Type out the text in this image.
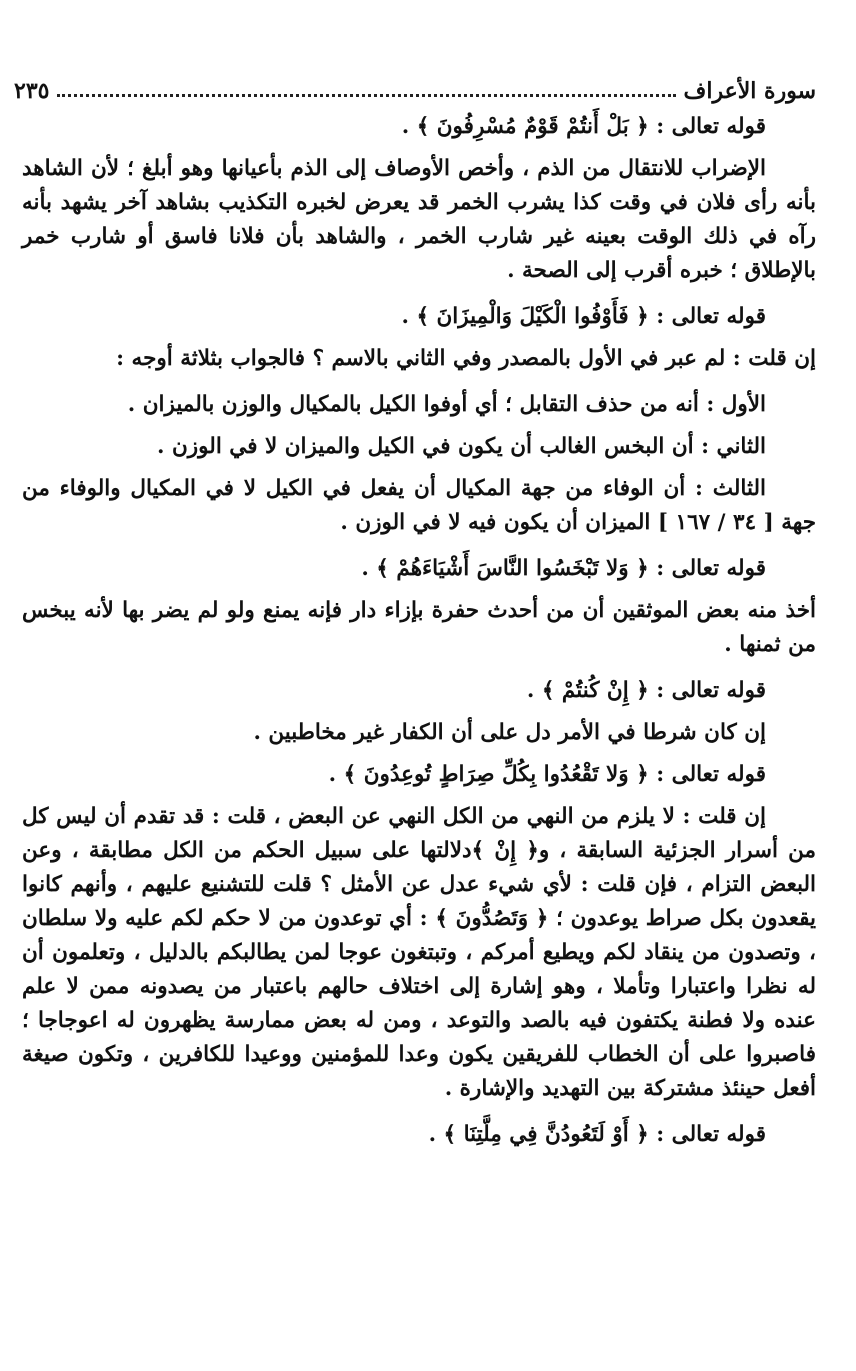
سورة الأعراف
٢٣٥

قوله تعالى : ﴿ بَلْ أَنتُمْ قَوْمٌ مُسْرِفُونَ ﴾ .

الإضراب للانتقال من الذم ، وأخص الأوصاف إلى الذم بأعيانها وهو أبلغ ؛ لأن الشاهد بأنه رأى فلان في وقت كذا يشرب الخمر قد يعرض لخبره التكذيب بشاهد آخر يشهد بأنه رآه في ذلك الوقت بعينه غير شارب الخمر ، والشاهد بأن فلانا فاسق أو شارب خمر بالإطلاق ؛ خبره أقرب إلى الصحة .

قوله تعالى : ﴿ فَأَوْفُوا الْكَيْلَ وَالْمِيزَانَ ﴾ .

إن قلت : لم عبر في الأول بالمصدر وفي الثاني بالاسم ؟ فالجواب بثلاثة أوجه :

الأول : أنه من حذف التقابل ؛ أي أوفوا الكيل بالمكيال والوزن بالميزان .

الثاني : أن البخس الغالب أن يكون في الكيل والميزان لا في الوزن .

الثالث : أن الوفاء من جهة المكيال أن يفعل في الكيل لا في المكيال والوفاء من جهة [ ٣٤ / ١٦٧ ] الميزان أن يكون فيه لا في الوزن .

قوله تعالى : ﴿ وَلا تَبْخَسُوا النَّاسَ أَشْيَاءَهُمْ ﴾ .

أخذ منه بعض الموثقين أن من أحدث حفرة بإزاء دار فإنه يمنع ولو لم يضر بها لأنه يبخس من ثمنها .

قوله تعالى : ﴿ إِنْ كُنتُمْ ﴾ .

إن كان شرطا في الأمر دل على أن الكفار غير مخاطبين .

قوله تعالى : ﴿ وَلا تَقْعُدُوا بِكُلِّ صِرَاطٍ تُوعِدُونَ ﴾ .

إن قلت : لا يلزم من النهي من الكل النهي عن البعض ، قلت : قد تقدم أن ليس كل من أسرار الجزئية السابقة ، و﴿ إِنْ ﴾دلالتها على سبيل الحكم من الكل مطابقة ، وعن البعض التزام ، فإن قلت : لأي شيء عدل عن الأمثل ؟ قلت للتشنيع عليهم ، وأنهم كانوا يقعدون بكل صراط يوعدون ؛ ﴿ وَتَصُدُّونَ ﴾ : أي توعدون من لا حكم لكم عليه ولا سلطان ، وتصدون من ينقاد لكم ويطيع أمركم ، وتبتغون عوجا لمن يطالبكم بالدليل ، وتعلمون أن له نظرا واعتبارا وتأملا ، وهو إشارة إلى اختلاف حالهم باعتبار من يصدونه ممن لا علم عنده ولا فطنة يكتفون فيه بالصد والتوعد ، ومن له بعض ممارسة يظهرون له اعوجاجا ؛ فاصبروا على أن الخطاب للفريقين يكون وعدا للمؤمنين ووعيدا للكافرين ، وتكون صيغة أفعل حينئذ مشتركة بين التهديد والإشارة .

قوله تعالى : ﴿ أَوْ لَتَعُودُنَّ فِي مِلَّتِنَا ﴾ .
